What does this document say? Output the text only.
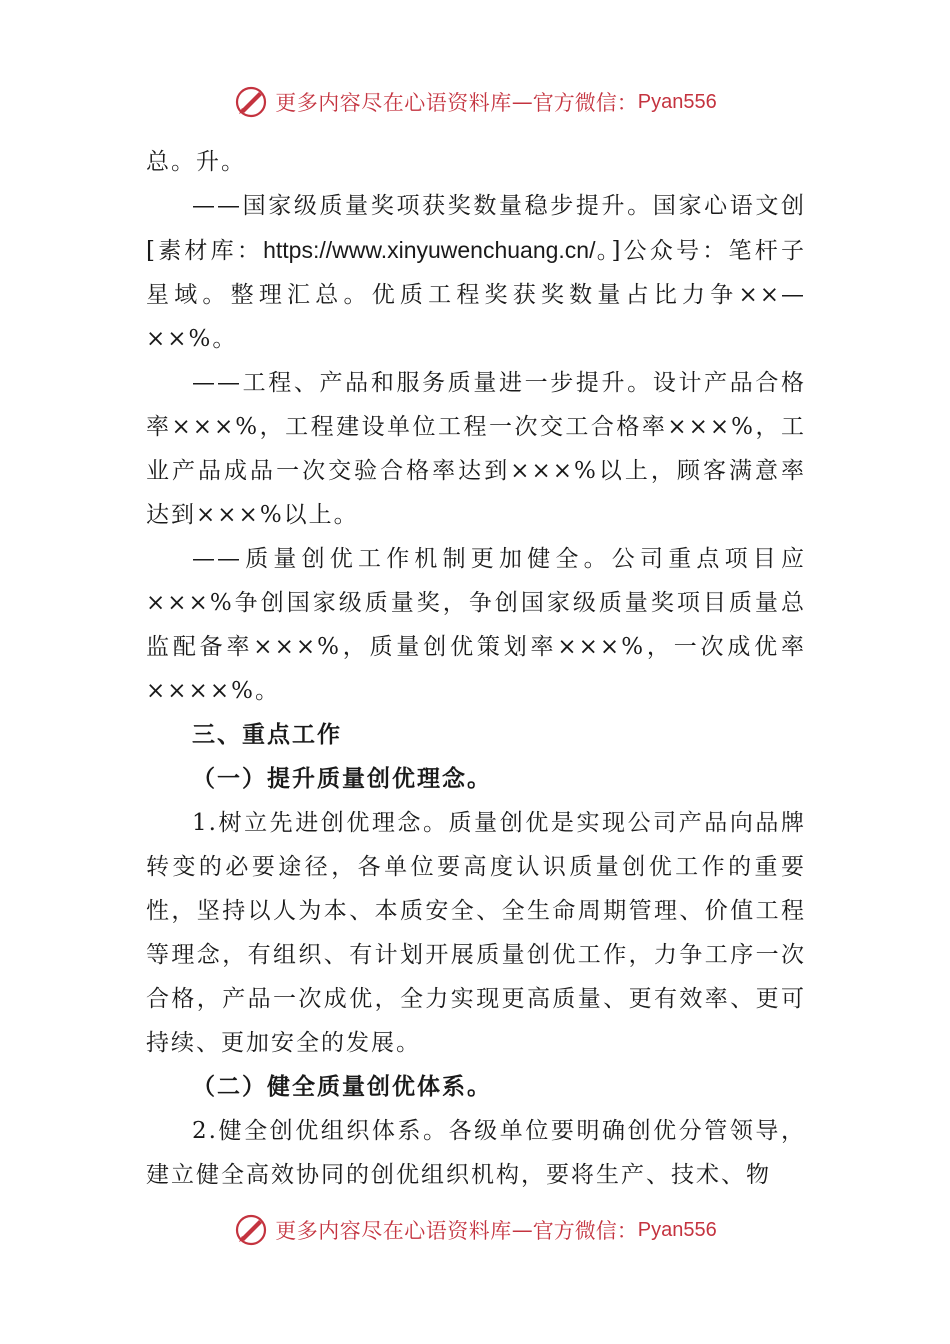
更多内容尽在心语资料库 — 官方微信： Pyan556

总。升。

——国家级质量奖项获奖数量稳步提升。国家心语文创[素材库：https://www.xinyuwenchuang.cn/。]公众号：笔杆子星域。整理汇总。优质工程奖获奖数量占比力争××—××%。

——工程、产品和服务质量进一步提升。设计产品合格率×××%，工程建设单位工程一次交工合格率×××%，工业产品成品一次交验合格率达到×××%以上，顾客满意率达到×××%以上。

——质量创优工作机制更加健全。公司重点项目应×××%争创国家级质量奖，争创国家级质量奖项目质量总监配备率×××%，质量创优策划率×××%，一次成优率××××%。

三、重点工作

（一）提升质量创优理念。

1.树立先进创优理念。质量创优是实现公司产品向品牌转变的必要途径，各单位要高度认识质量创优工作的重要性，坚持以人为本、本质安全、全生命周期管理、价值工程等理念，有组织、有计划开展质量创优工作，力争工序一次合格，产品一次成优，全力实现更高质量、更有效率、更可持续、更加安全的发展。

（二）健全质量创优体系。

2.健全创优组织体系。各级单位要明确创优分管领导，建立健全高效协同的创优组织机构，要将生产、技术、物

更多内容尽在心语资料库 — 官方微信： Pyan556
